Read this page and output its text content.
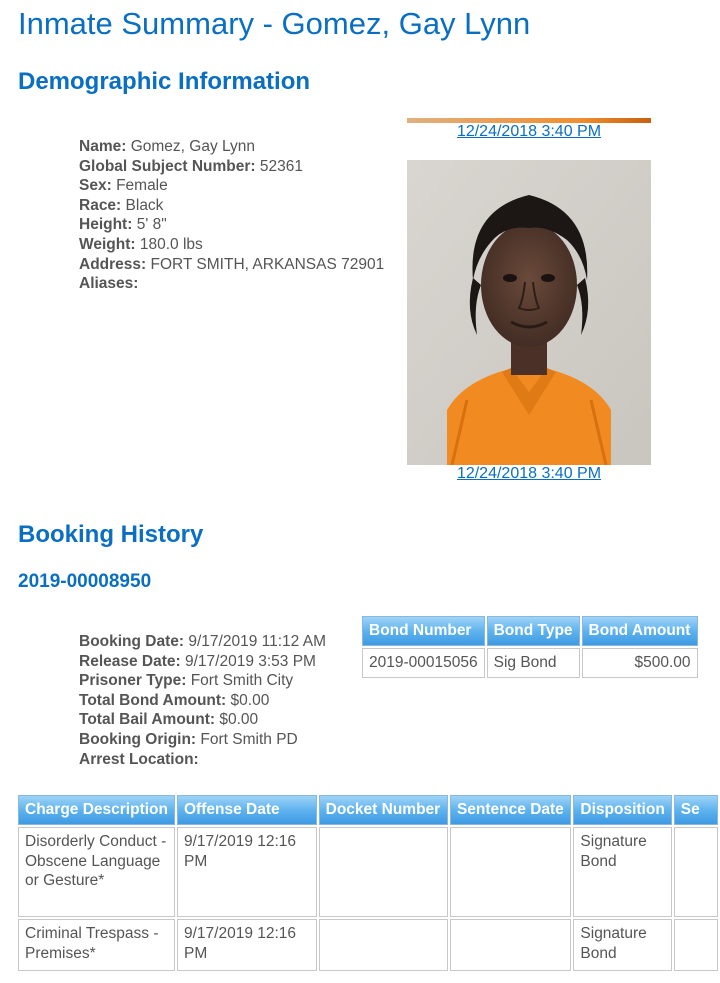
Inmate Summary - Gomez, Gay Lynn
Demographic Information
Name: Gomez, Gay Lynn
Global Subject Number: 52361
Sex: Female
Race: Black
Height: 5' 8"
Weight: 180.0 lbs
Address: FORT SMITH, ARKANSAS 72901
Aliases:
12/24/2018 3:40 PM
12/24/2018 3:40 PM
Booking History
2019-00008950
Booking Date: 9/17/2019 11:12 AM
Release Date: 9/17/2019 3:53 PM
Prisoner Type: Fort Smith City
Total Bond Amount: $0.00
Total Bail Amount: $0.00
Booking Origin: Fort Smith PD
Arrest Location:
Bond Number	Bond Type	Bond Amount
2019-00015056	Sig Bond	$500.00
Charge Description	Offense Date	Docket Number	Sentence Date	Disposition	Se
Disorderly Conduct - Obscene Language or Gesture*	9/17/2019 12:16 PM			Signature Bond	
Criminal Trespass - Premises*	9/17/2019 12:16 PM			Signature Bond	
